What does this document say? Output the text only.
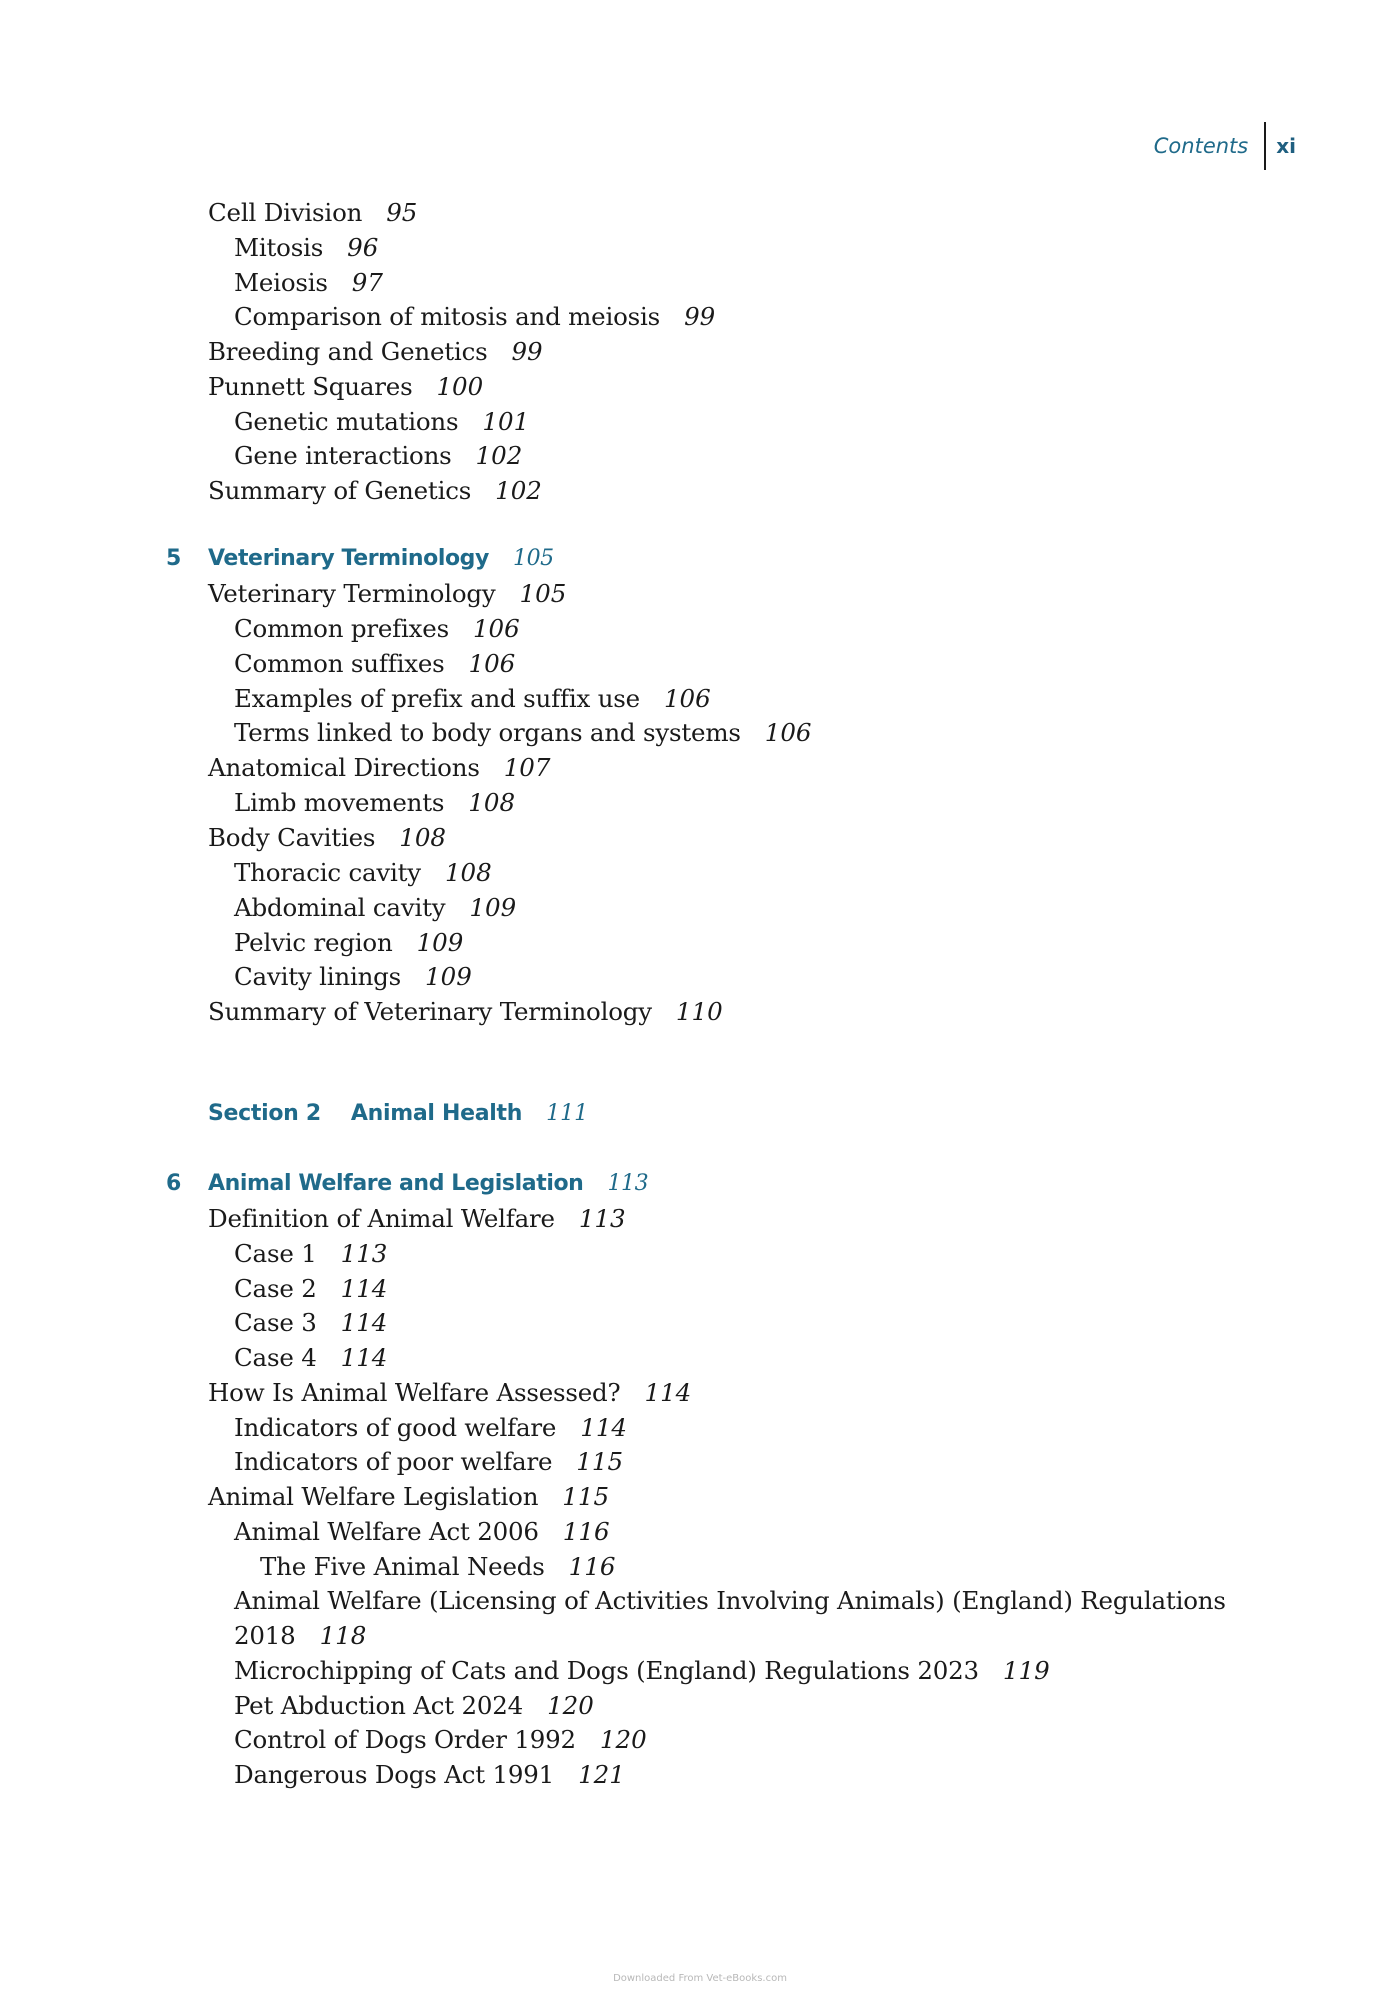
Contents xi
5 Veterinary Terminology 105
Section 2 Animal Health 111
6 Animal Welfare and Legislation 113
Cell Division 95
Mitosis 96
Meiosis 97
Comparison of mitosis and meiosis 99
Breeding and Genetics 99
Punnett Squares 100
Genetic mutations 101
Gene interactions 102
Summary of Genetics 102
Veterinary Terminology 105
Common prefixes 106
Common suffixes 106
Examples of prefix and suffix use 106
Terms linked to body organs and systems 106
Anatomical Directions 107
Limb movements 108
Body Cavities 108
Thoracic cavity 108
Abdominal cavity 109
Pelvic region 109
Cavity linings 109
Summary of Veterinary Terminology 110
Definition of Animal Welfare 113
Case 1 113
Case 2 114
Case 3 114
Case 4 114
How Is Animal Welfare Assessed? 114
Indicators of good welfare 114
Indicators of poor welfare 115
Animal Welfare Legislation 115
Animal Welfare Act 2006 116
The Five Animal Needs 116
Animal Welfare (Licensing of Activities Involving Animals) (England) Regulations
2018 118
Microchipping of Cats and Dogs (England) Regulations 2023 119
Pet Abduction Act 2024 120
Control of Dogs Order 1992 120
Dangerous Dogs Act 1991 121
Downloaded From Vet-eBooks.com
